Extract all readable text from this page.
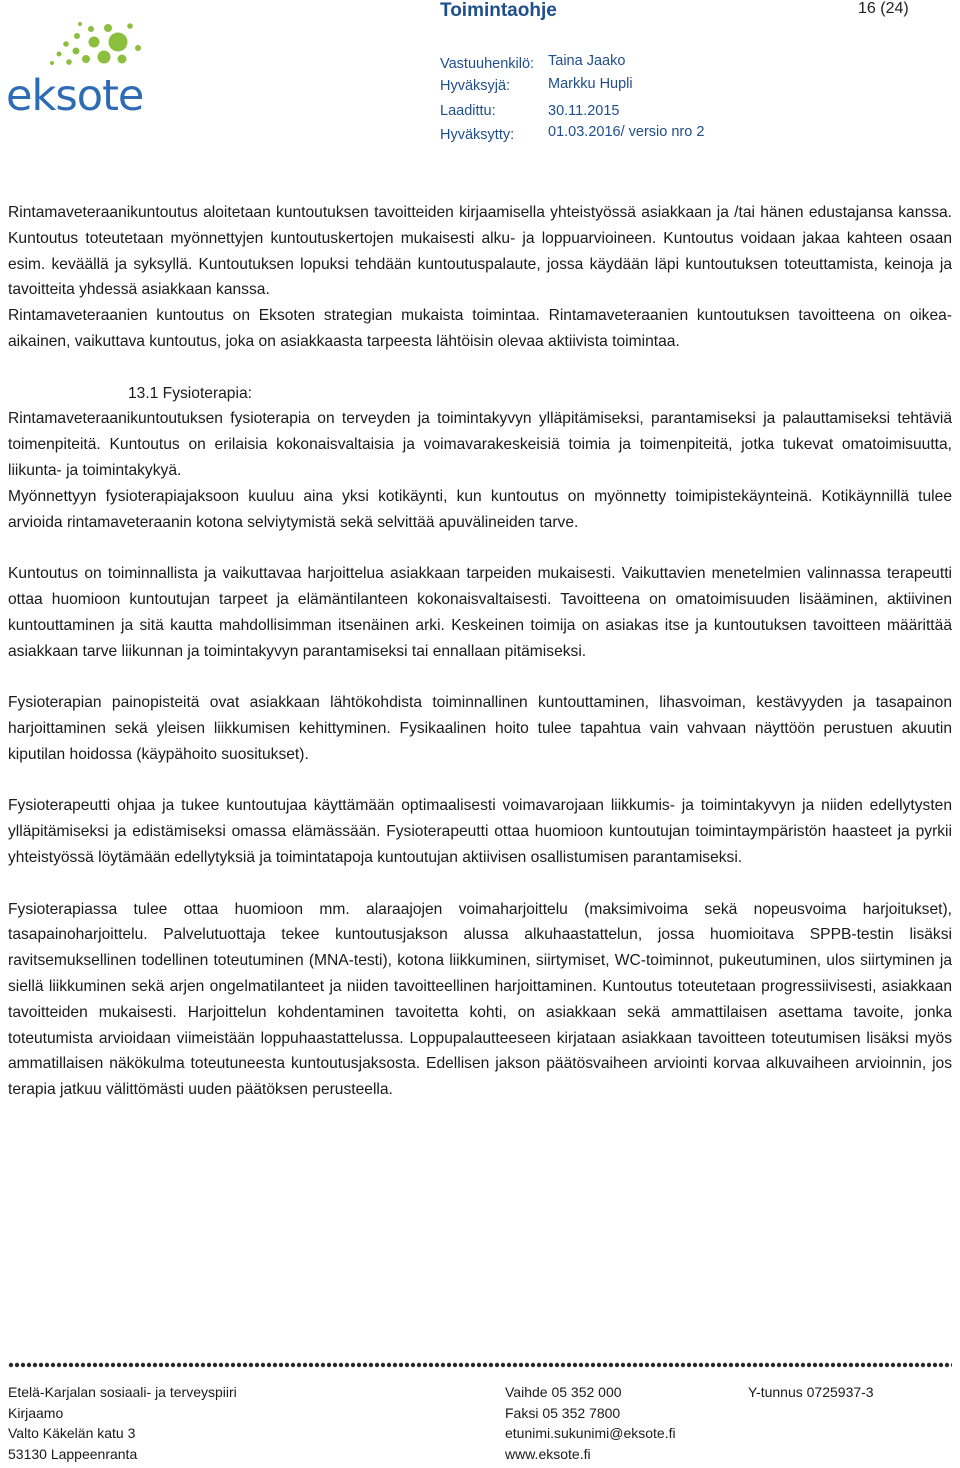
Toimintaohje	16 (24)
eksote
Vastuuhenkilö: Taina Jaako
Hyväksyjä:	Markku Hupli
Laadittu:	30.11.2015
Hyväksytty: 01.03.2016/ versio nro 2

Rintamaveteraanikuntoutus aloitetaan kuntoutuksen tavoitteiden kirjaamisella yhteistyössä asiakkaan ja /tai hänen edustajansa kanssa. Kuntoutus toteutetaan myönnettyjen kuntoutuskertojen mukaisesti alku- ja loppuarvioineen. Kuntoutus voidaan jakaa kahteen osaan esim. keväällä ja syksyllä. Kuntoutuksen lopuksi tehdään kuntoutuspalaute, jossa käydään läpi kuntoutuksen toteuttamista, keinoja ja tavoitteita yhdessä asiakkaan kanssa.

Rintamaveteraanien kuntoutus on Eksoten strategian mukaista toimintaa. Rintamaveteraanien kuntoutuksen tavoitteena on oikea-aikainen, vaikuttava kuntoutus, joka on asiakkaasta tarpeesta lähtöisin olevaa aktiivista toimintaa.

13.1 Fysioterapia:

Rintamaveteraanikuntoutuksen fysioterapia on terveyden ja toimintakyvyn ylläpitämiseksi, parantamiseksi ja palauttamiseksi tehtäviä toimenpiteitä. Kuntoutus on erilaisia kokonaisvaltaisia ja voimavarakeskeisiä toimia ja toimenpiteitä, jotka tukevat omatoimisuutta, liikunta- ja toimintakykyä.

Myönnettyyn fysioterapiajaksoon kuuluu aina yksi kotikäynti, kun kuntoutus on myönnetty toimipistekäynteinä. Kotikäynnillä tulee arvioida rintamaveteraanin kotona selviytymistä sekä selvittää apuvälineiden tarve.

Kuntoutus on toiminnallista ja vaikuttavaa harjoittelua asiakkaan tarpeiden mukaisesti. Vaikuttavien menetelmien valinnassa terapeutti ottaa huomioon kuntoutujan tarpeet ja elämäntilanteen kokonaisvaltaisesti. Tavoitteena on omatoimisuuden lisääminen, aktiivinen kuntouttaminen ja sitä kautta mahdollisimman itsenäinen arki. Keskeinen toimija on asiakas itse ja kuntoutuksen tavoitteen määrittää asiakkaan tarve liikunnan ja toimintakyvyn parantamiseksi tai ennallaan pitämiseksi.

Fysioterapian painopisteitä ovat asiakkaan lähtökohdista toiminnallinen kuntouttaminen, lihasvoiman, kestävyyden ja tasapainon harjoittaminen sekä yleisen liikkumisen kehittyminen. Fysikaalinen hoito tulee tapahtua vain vahvaan näyttöön perustuen akuutin kiputilan hoidossa (käypähoito suositukset).

Fysioterapeutti ohjaa ja tukee kuntoutujaa käyttämään optimaalisesti voimavarojaan liikkumis- ja toimintakyvyn ja niiden edellytysten ylläpitämiseksi ja edistämiseksi omassa elämässään. Fysioterapeutti ottaa huomioon kuntoutujan toimintaympäristön haasteet ja pyrkii yhteistyössä löytämään edellytyksiä ja toimintatapoja kuntoutujan aktiivisen osallistumisen parantamiseksi.

Fysioterapiassa tulee ottaa huomioon mm. alaraajojen voimaharjoittelu (maksimivoima sekä nopeusvoima harjoitukset), tasapainoharjoittelu. Palvelutuottaja tekee kuntoutusjakson alussa alkuhaastattelun, jossa huomioitava SPPB-testin lisäksi ravitsemuksellinen todellinen toteutuminen (MNA-testi), kotona liikkuminen, siirtymiset, WC-toiminnot, pukeutuminen, ulos siirtyminen ja siellä liikkuminen sekä arjen ongelmatilanteet ja niiden tavoitteellinen harjoittaminen. Kuntoutus toteutetaan progressiivisesti, asiakkaan tavoitteiden mukaisesti. Harjoittelun kohdentaminen tavoitetta kohti, on asiakkaan sekä ammattilaisen asettama tavoite, jonka toteutumista arvioidaan viimeistään loppuhaastattelussa. Loppupalautteeseen kirjataan asiakkaan tavoitteen toteutumisen lisäksi myös ammatillaisen näkökulma toteutuneesta kuntoutusjaksosta. Edellisen jakson päätösvaiheen arviointi korvaa alkuvaiheen arvioinnin, jos terapia jatkuu välittömästi uuden päätöksen perusteella.

Etelä-Karjalan sosiaali- ja terveyspiiri
Kirjaamo
Valto Käkelän katu 3
53130 Lappeenranta
Vaihde 05 352 000
Faksi 05 352 7800
etunimi.sukunimi@eksote.fi
www.eksote.fi
Y-tunnus 0725937-3
